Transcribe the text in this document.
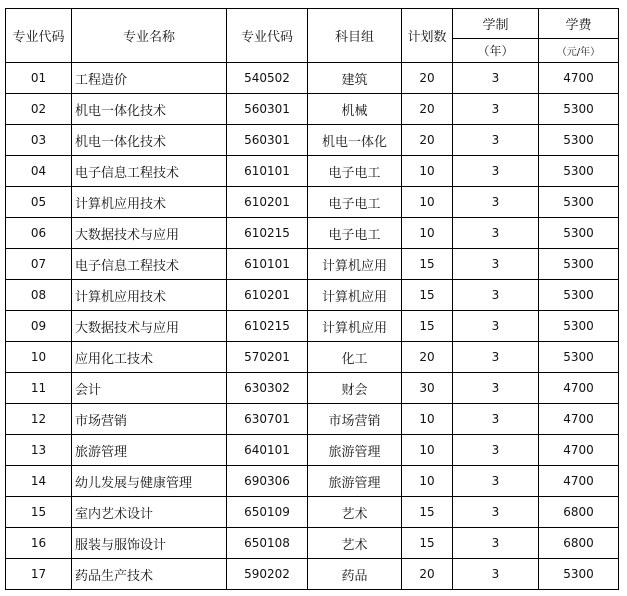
专业代码	专业名称	专业代码	科目组	计划数	学制	学费
					（年）	（元/年）
01	工程造价	540502	建筑	20	3	4700
02	机电一体化技术	560301	机械	20	3	5300
03	机电一体化技术	560301	机电一体化	20	3	5300
04	电子信息工程技术	610101	电子电工	10	3	5300
05	计算机应用技术	610201	电子电工	10	3	5300
06	大数据技术与应用	610215	电子电工	10	3	5300
07	电子信息工程技术	610101	计算机应用	15	3	5300
08	计算机应用技术	610201	计算机应用	15	3	5300
09	大数据技术与应用	610215	计算机应用	15	3	5300
10	应用化工技术	570201	化工	20	3	5300
11	会计	630302	财会	30	3	4700
12	市场营销	630701	市场营销	10	3	4700
13	旅游管理	640101	旅游管理	10	3	4700
14	幼儿发展与健康管理	690306	旅游管理	10	3	4700
15	室内艺术设计	650109	艺术	15	3	6800
16	服装与服饰设计	650108	艺术	15	3	6800
17	药品生产技术	590202	药品	20	3	5300
